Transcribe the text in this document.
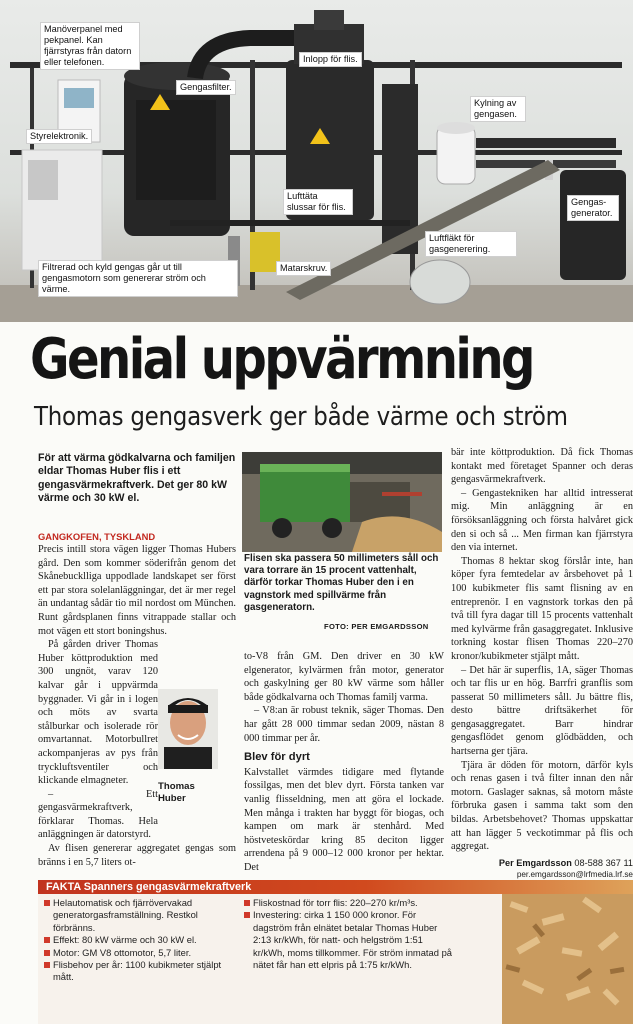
Manöverpanel med pekpanel. Kan fjärrstyras från datorn eller telefonen.
Gengasfilter.
Inlopp för flis.
Kylning av gengasen.
Styrelektronik.
Lufttäta slussar för flis.	Gengas-generator.
Luftfläkt för gasgenerering.
Filtrerad och kyld gengas går ut till gengasmotorn som genererar ström och värme.
Matarskruv.
Genial uppvärmning
Thomas gengasverk ger både värme och ström
För att värma gödkalvarna och familjen eldar Thomas Huber flis i ett gengasvärmekraftverk. Det ger 80 kW värme och 30 kW el.
GANGKOFEN, TYSKLAND

Precis intill stora vägen ligger Thomas Hubers gård. Den som kommer söderifrån genom det Skånebucklliga uppodlade landskapet ser först ett par stora solelanläggningar, det är mer regel än undantag sådär tio mil nordost om München. Runt gårdsplanen finns vitrappade stallar och mot vägen ett stort boningshus.

På gården driver Thomas Huber köttproduktion med 300 ungnöt, varav 120 kalvar går i uppvärmda byggnader. Vi går in i logen och möts av svarta stålburkar och isolerade rör omvartannat. Motorbullret ackompanjeras av pys från tryckluftsventiler och klickande elmagneter.

– Ett gengasvärmekraftverk, förklarar Thomas. Hela anläggningen är datorstyrd.

Av flisen genererar aggregatet gengas som bränns i en 5,7 liters ot-

Thomas
Huber
Flisen ska passera 50 millimeters såll och vara torrare än 15 procent vattenhalt, därför torkar Thomas Huber den i en vagnstork med spillvärme från gasgeneratorn.
FOTO: PER EMGARDSSON

to-V8 från GM. Den driver en 30 kW elgenerator, kylvärmen från motor, generator och gaskylning ger 80 kW värme som håller både gödkalvarna och Thomas familj varma.

– V8:an är robust teknik, säger Thomas. Den har gått 28 000 timmar sedan 2009, nästan 8 000 timmar per år.

Blev för dyrt

Kalvstallet värmdes tidigare med flytande fossilgas, men det blev dyrt. Första tanken var vanlig flisseldning, men att göra el lockade. Men många i trakten har byggt för biogas, och kampen om mark är stenhård. Med höstveteskördar kring 85 deciton ligger arrendena på 9 000–12 000 kronor per hektar. Det

bär inte köttproduktion. Då fick Thomas kontakt med företaget Spanner och deras gengasvärmekraftverk.

– Gengastekniken har alltid intresserat mig. Min anläggning är en försöksanläggning och första halvåret gick den si och så ... Men firman kan fjärrstyra den via internet.

Thomas 8 hektar skog förslår inte, han köper fyra femtedelar av årsbehovet på 1 100 kubikmeter flis samt flisning av en entreprenör. I en vagnstork torkas den på två till fyra dagar till 15 procents vattenhalt med kylvärme från gasaggregatet. Inklusive torkning kostar flisen Thomas 220–270 kronor/kubikmeter stjälpt mått.

– Det här är superflis, 1A, säger Thomas och tar flis ur en hög. Barrfri granflis som passerat 50 millimeters såll. Ju bättre flis, desto bättre driftsäkerhet för gengasaggregatet. Barr hindrar gengasflödet genom glödbädden, och hartserna ger tjära.

Tjära är döden för motorn, därför kyls och renas gasen i två filter innan den når motorn. Gaslager saknas, så motorn måste förbruka gasen i samma takt som den bildas. Arbetsbehovet? Thomas uppskattar att han lägger 5 veckotimmar på flis och aggregat.

Per Emgardsson 08-588 367 11
per.emgardsson@lrfmedia.lrf.se
FAKTA Spanners gengasvärmekraftverk
Helautomatisk och fjärrövervakad generatorgasframställning. Restkol förbränns.
Effekt: 80 kW värme och 30 kW el.
Motor: GM V8 ottomotor, 5,7 liter.
Flisbehov per år: 1100 kubikmeter stjälpt mått.
Fliskostnad för torr flis: 220–270 kr/m³s.
Investering: cirka 1 150 000 kronor. För dagström från elnätet betalar Thomas Huber 2:13 kr/kWh, för natt- och helgström 1:51 kr/kWh, moms tillkommer. För ström inmatad på nätet får han ett elpris på 1:75 kr/kWh.
